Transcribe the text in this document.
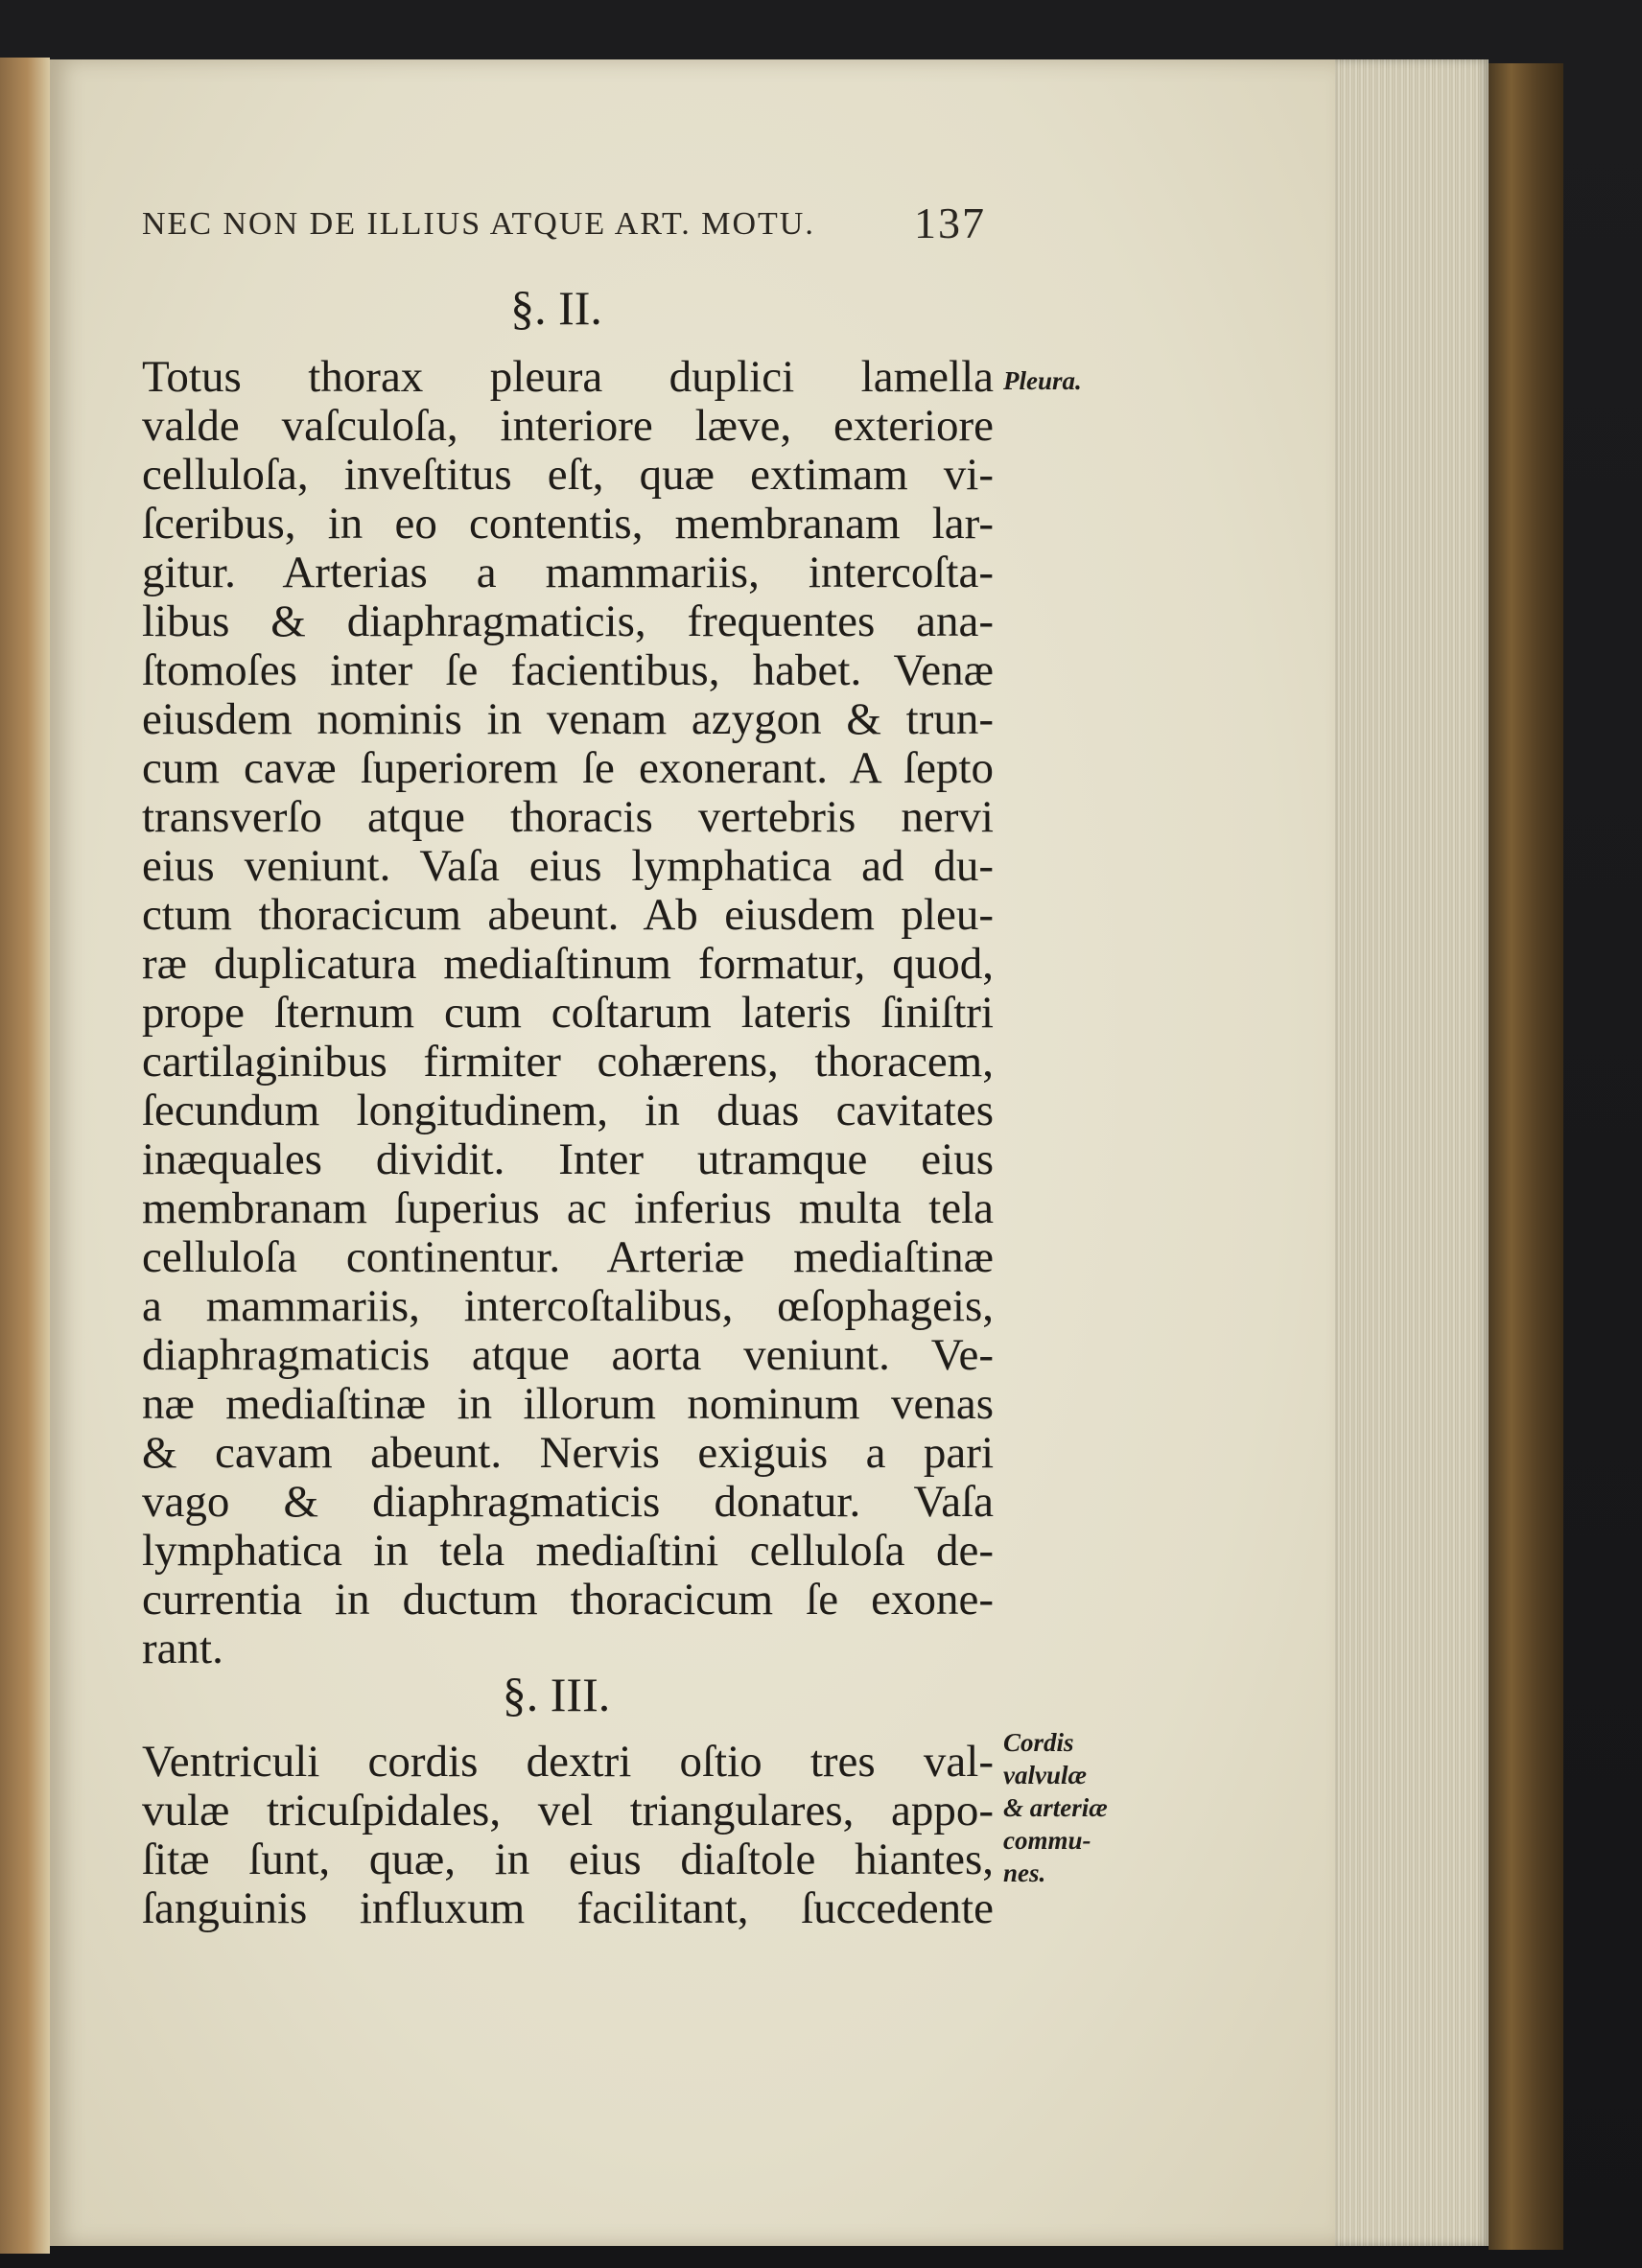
NEC NON DE ILLIUS ATQUE ART. MOTU. 137
§. II.
Pleura.
Totus thorax pleura duplici lamella
valde vaſculoſa, interiore læve, exteriore
celluloſa, inveſtitus eſt, quæ extimam vi-
ſceribus, in eo contentis, membranam lar-
gitur. Arterias a mammariis, intercoſta-
libus & diaphragmaticis, frequentes ana-
ſtomoſes inter ſe facientibus, habet. Venæ
eiusdem nominis in venam azygon & trun-
cum cavæ ſuperiorem ſe exonerant. A ſepto
transverſo atque thoracis vertebris nervi
eius veniunt. Vaſa eius lymphatica ad du-
ctum thoracicum abeunt. Ab eiusdem pleu-
ræ duplicatura mediaſtinum formatur, quod,
prope ſternum cum coſtarum lateris ſiniſtri
cartilaginibus firmiter cohærens, thoracem,
ſecundum longitudinem, in duas cavitates
inæquales dividit. Inter utramque eius
membranam ſuperius ac inferius multa tela
celluloſa continentur. Arteriæ mediaſtinæ
a mammariis, intercoſtalibus, œſophageis,
diaphragmaticis atque aorta veniunt. Ve-
næ mediaſtinæ in illorum nominum venas
& cavam abeunt. Nervis exiguis a pari
vago & diaphragmaticis donatur. Vaſa
lymphatica in tela mediaſtini celluloſa de-
currentia in ductum thoracicum ſe exone-
rant.
§. III.
Cordis
valvulæ
& arteriæ
commu-
nes.
Ventriculi cordis dextri oſtio tres val-
vulæ tricuſpidales, vel triangulares, appo-
ſitæ ſunt, quæ, in eius diaſtole hiantes,
ſanguinis influxum facilitant, ſuccedente
